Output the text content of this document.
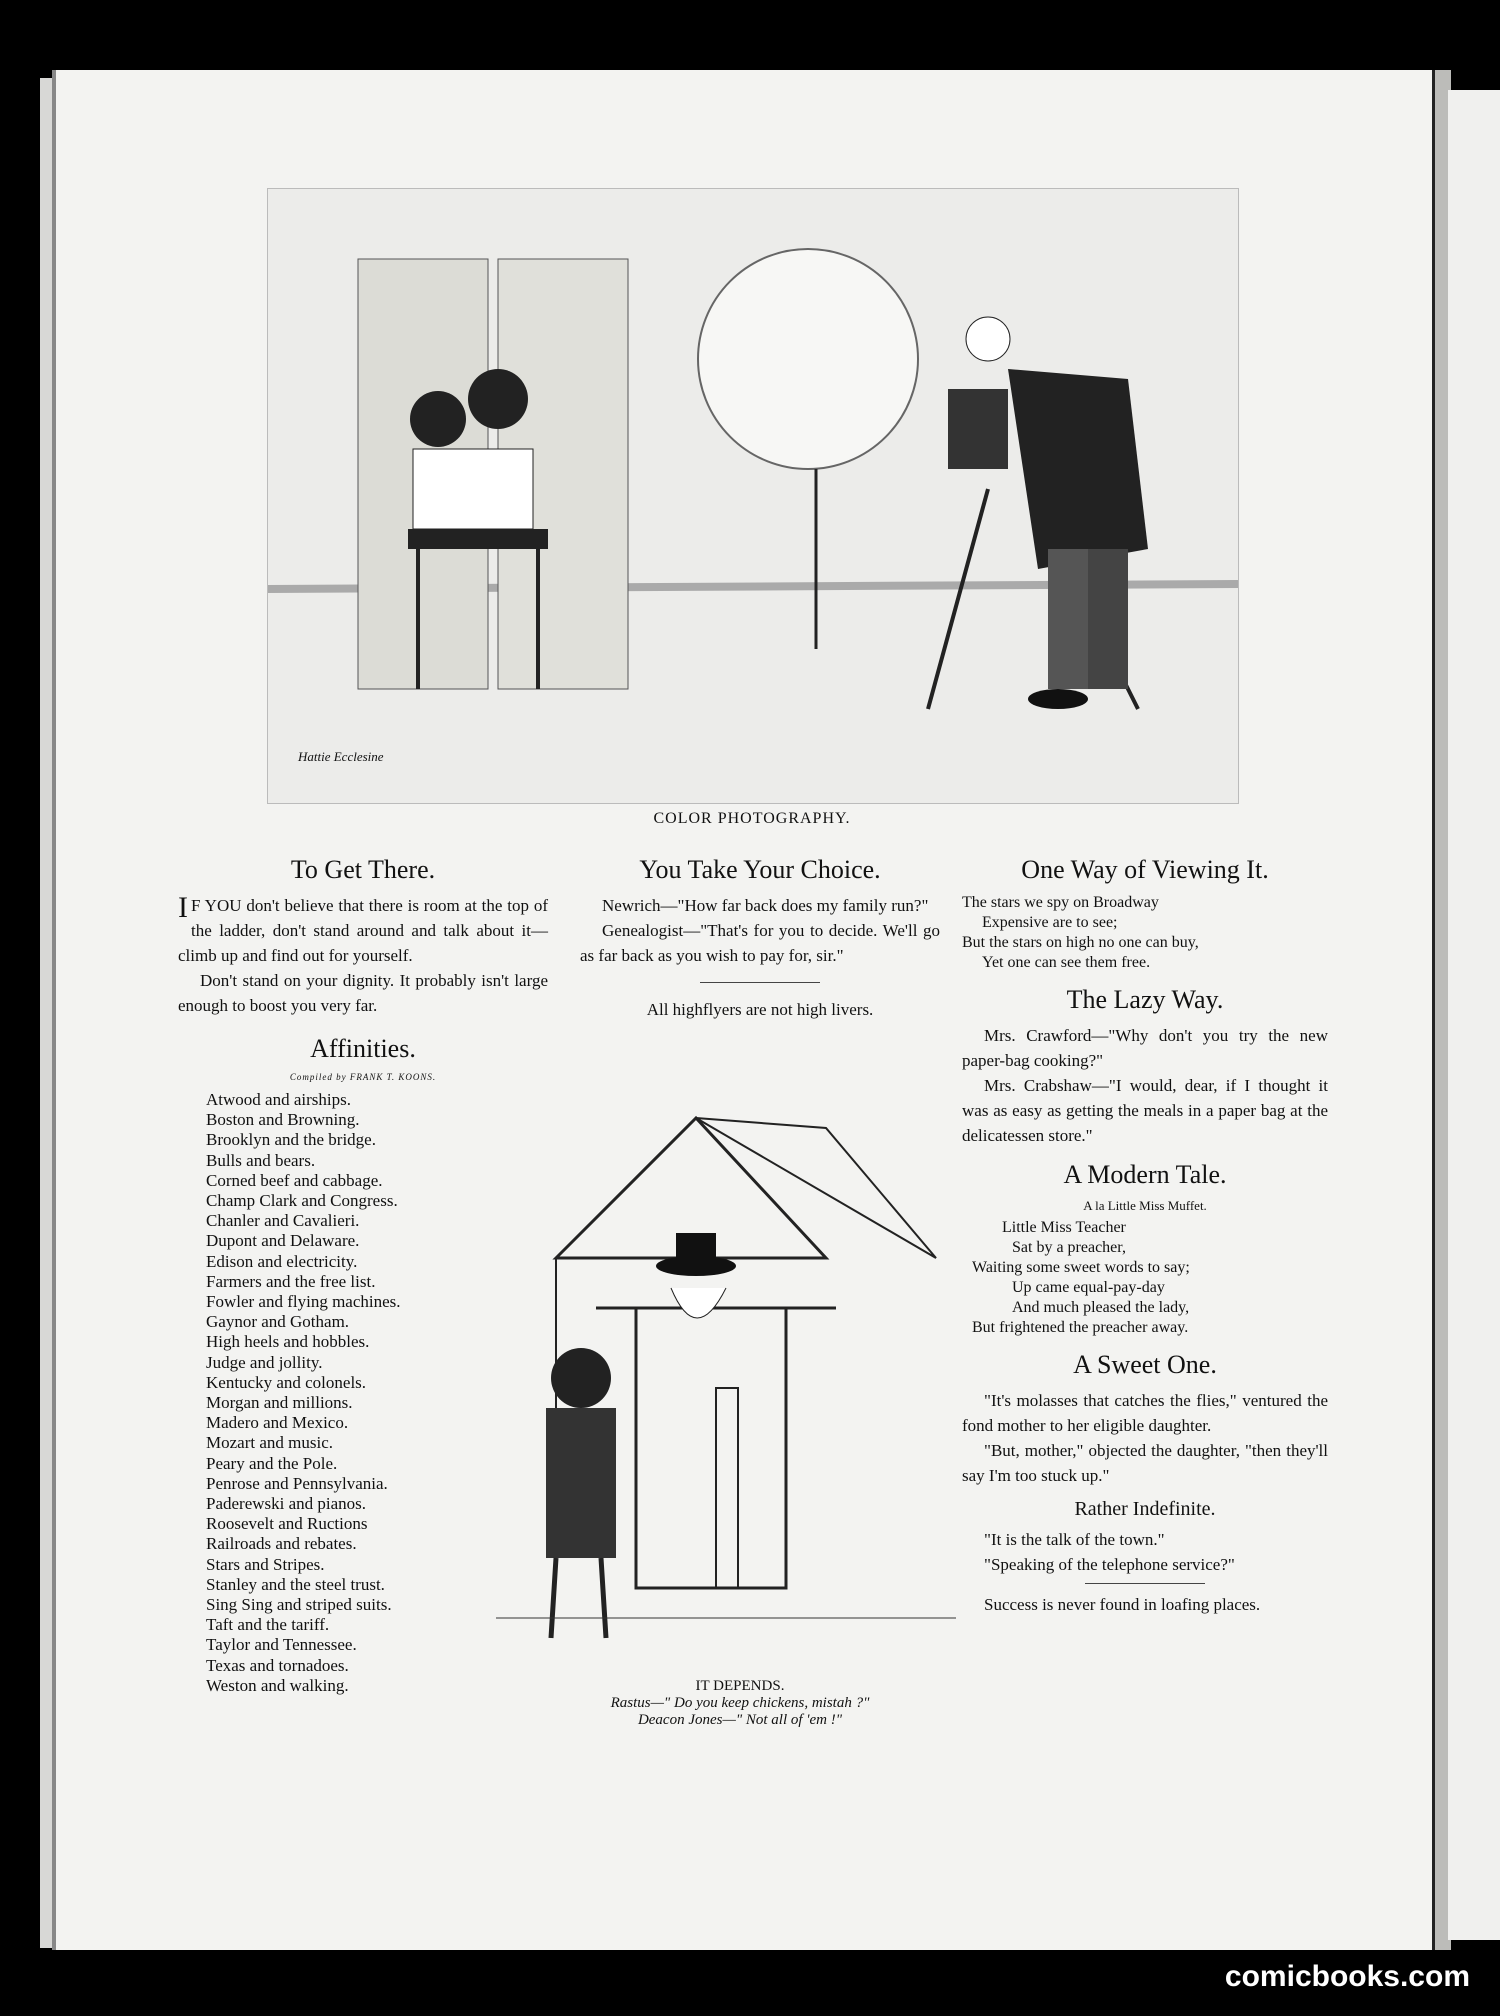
Hattie Ecclesine
COLOR PHOTOGRAPHY.
To Get There.

I F YOU don't believe that there is room at the top of the ladder, don't stand around and talk about it—climb up and find out for yourself.

Don't stand on your dignity. It probably isn't large enough to boost you very far.

Affinities.
Compiled by FRANK T. KOONS.
Atwood and airships.
Boston and Browning.
Brooklyn and the bridge.
Bulls and bears.
Corned beef and cabbage.
Champ Clark and Congress.
Chanler and Cavalieri.
Dupont and Delaware.
Edison and electricity.
Farmers and the free list.
Fowler and flying machines.
Gaynor and Gotham.
High heels and hobbles.
Judge and jollity.
Kentucky and colonels.
Morgan and millions.
Madero and Mexico.
Mozart and music.
Peary and the Pole.
Penrose and Pennsylvania.
Paderewski and pianos.
Roosevelt and Ructions
Railroads and rebates.
Stars and Stripes.
Stanley and the steel trust.
Sing Sing and striped suits.
Taft and the tariff.
Taylor and Tennessee.
Texas and tornadoes.
Weston and walking.
You Take Your Choice.

Newrich—"How far back does my family run?"

Genealogist—"That's for you to decide. We'll go as far back as you wish to pay for, sir."

All highflyers are not high livers.

IT DEPENDS.
Rastus—" Do you keep chickens, mistah ?"
Deacon Jones—" Not all of 'em !"
One Way of Viewing It.
The stars we spy on Broadway
Expensive are to see;
But the stars on high no one can buy,
Yet one can see them free.
The Lazy Way.

Mrs. Crawford—"Why don't you try the new paper-bag cooking?"

Mrs. Crabshaw—"I would, dear, if I thought it was as easy as getting the meals in a paper bag at the delicatessen store."

A Modern Tale.
A la Little Miss Muffet.
Little Miss Teacher
Sat by a preacher,
Waiting some sweet words to say;
Up came equal-pay-day
And much pleased the lady,
But frightened the preacher away.
A Sweet One.

"It's molasses that catches the flies," ventured the fond mother to her eligible daughter.

"But, mother," objected the daughter, "then they'll say I'm too stuck up."

Rather Indefinite.

"It is the talk of the town."

"Speaking of the telephone service?"

Success is never found in loafing places.

comicbooks.com
